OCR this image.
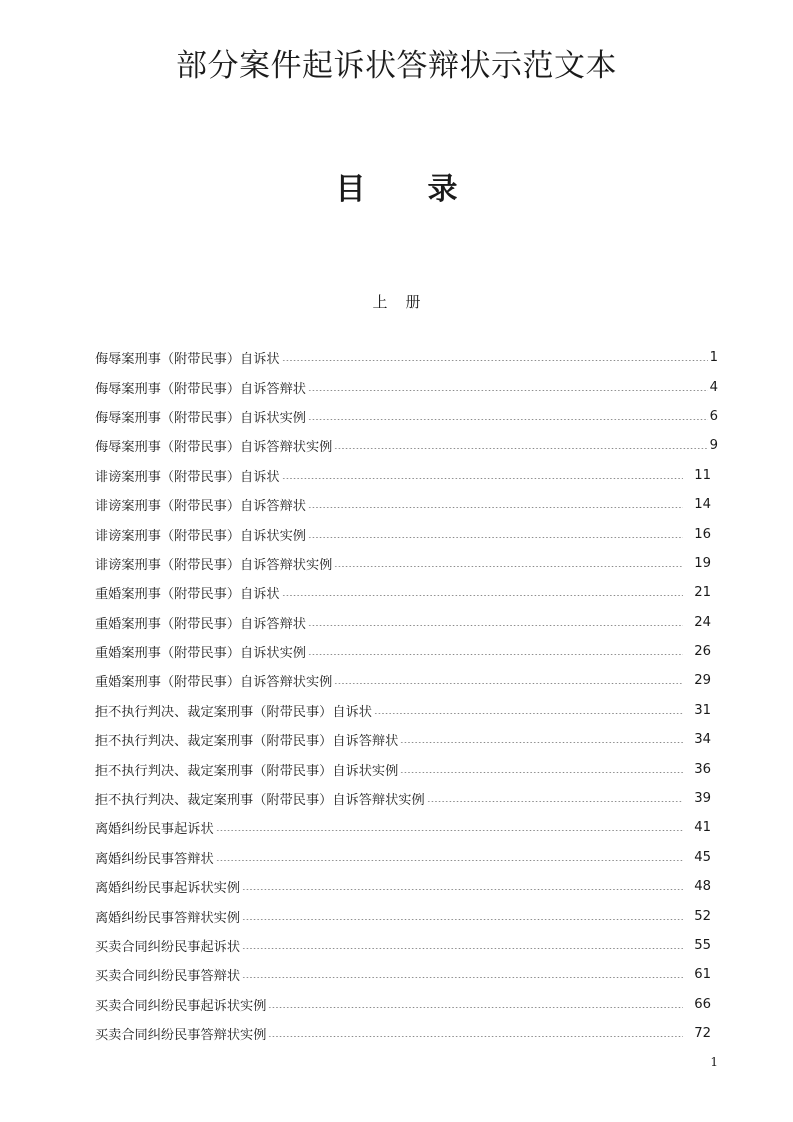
部分案件起诉状答辩状示范文本
目 录
上 册
侮辱案刑事（附带民事）自诉状	1
侮辱案刑事（附带民事）自诉答辩状	4
侮辱案刑事（附带民事）自诉状实例	6
侮辱案刑事（附带民事）自诉答辩状实例	9
诽谤案刑事（附带民事）自诉状	11
诽谤案刑事（附带民事）自诉答辩状	14
诽谤案刑事（附带民事）自诉状实例	16
诽谤案刑事（附带民事）自诉答辩状实例	19
重婚案刑事（附带民事）自诉状	21
重婚案刑事（附带民事）自诉答辩状	24
重婚案刑事（附带民事）自诉状实例	26
重婚案刑事（附带民事）自诉答辩状实例	29
拒不执行判决、裁定案刑事（附带民事）自诉状	31
拒不执行判决、裁定案刑事（附带民事）自诉答辩状	34
拒不执行判决、裁定案刑事（附带民事）自诉状实例	36
拒不执行判决、裁定案刑事（附带民事）自诉答辩状实例	39
离婚纠纷民事起诉状	41
离婚纠纷民事答辩状	45
离婚纠纷民事起诉状实例	48
离婚纠纷民事答辩状实例	52
买卖合同纠纷民事起诉状	55
买卖合同纠纷民事答辩状	61
买卖合同纠纷民事起诉状实例	66
买卖合同纠纷民事答辩状实例	72
1
